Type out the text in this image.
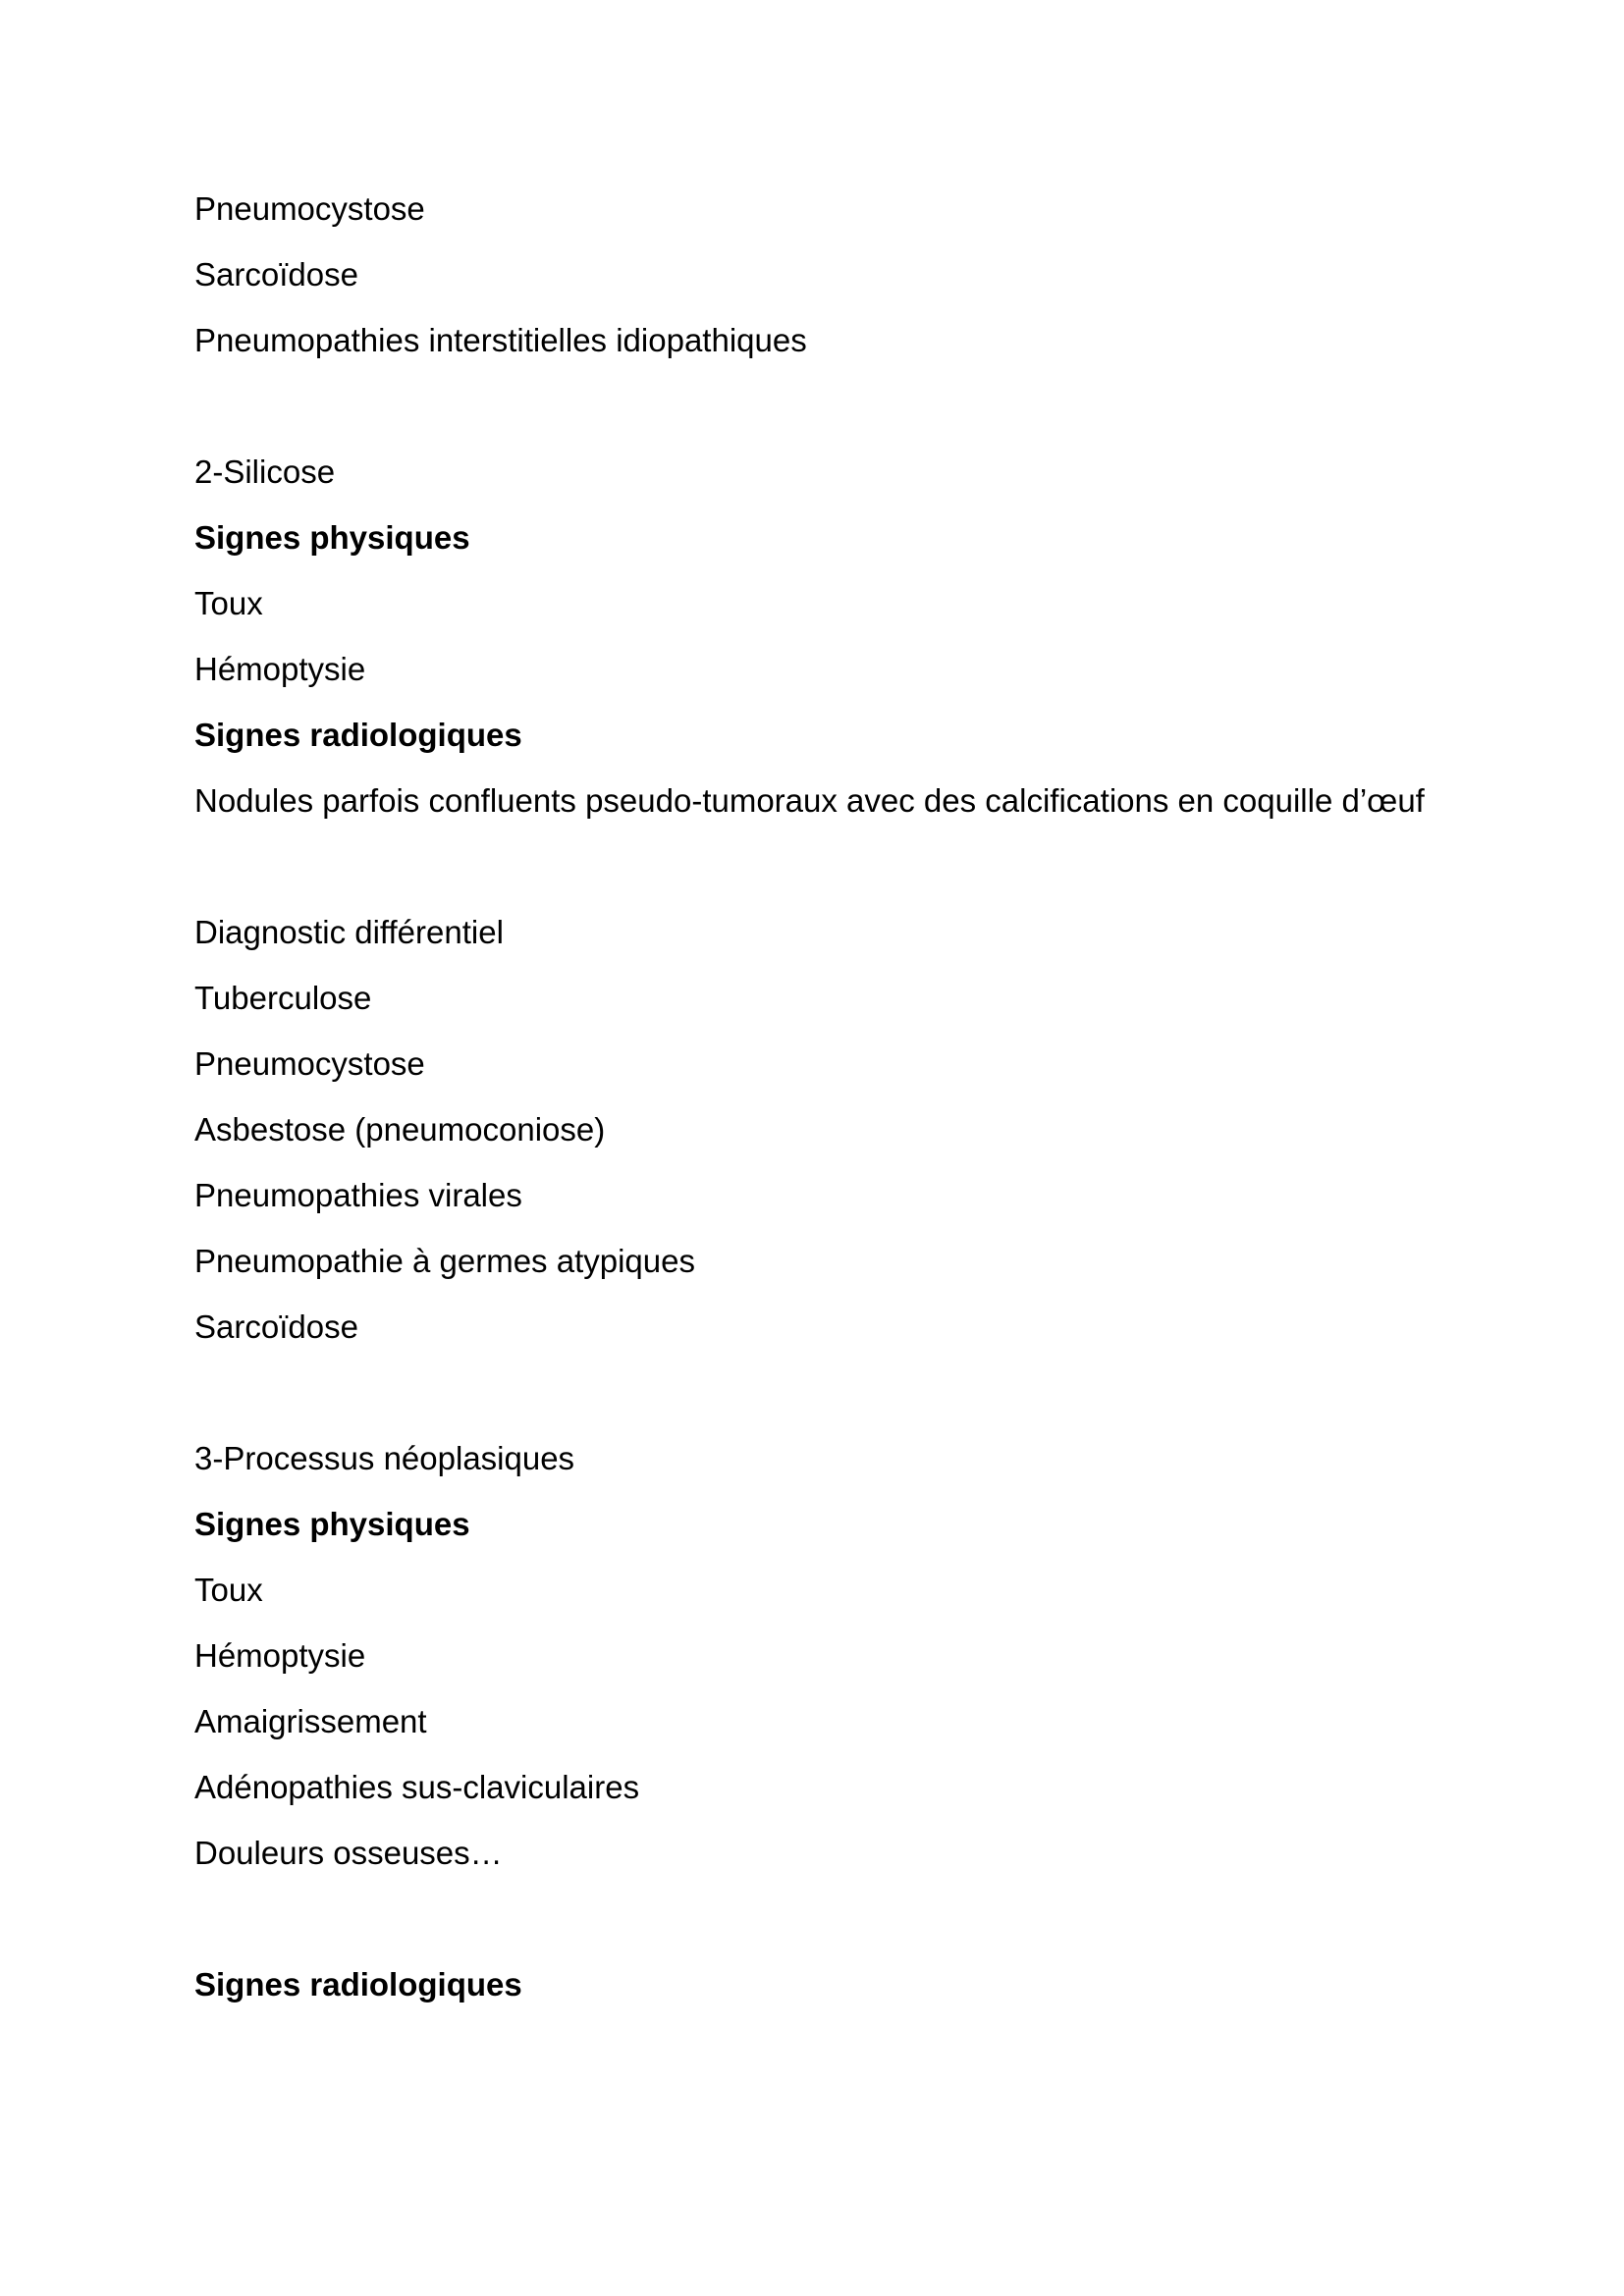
Pneumocystose
Sarcoïdose
Pneumopathies interstitielles idiopathiques
2-Silicose
Signes physiques
Toux
Hémoptysie
Signes radiologiques
Nodules parfois confluents pseudo-tumoraux avec des calcifications en coquille d’œuf
Diagnostic différentiel
Tuberculose
Pneumocystose
Asbestose (pneumoconiose)
Pneumopathies virales
Pneumopathie à germes atypiques
Sarcoïdose
3-Processus néoplasiques
Signes physiques
Toux
Hémoptysie
Amaigrissement
Adénopathies sus-claviculaires
Douleurs osseuses…
Signes radiologiques
